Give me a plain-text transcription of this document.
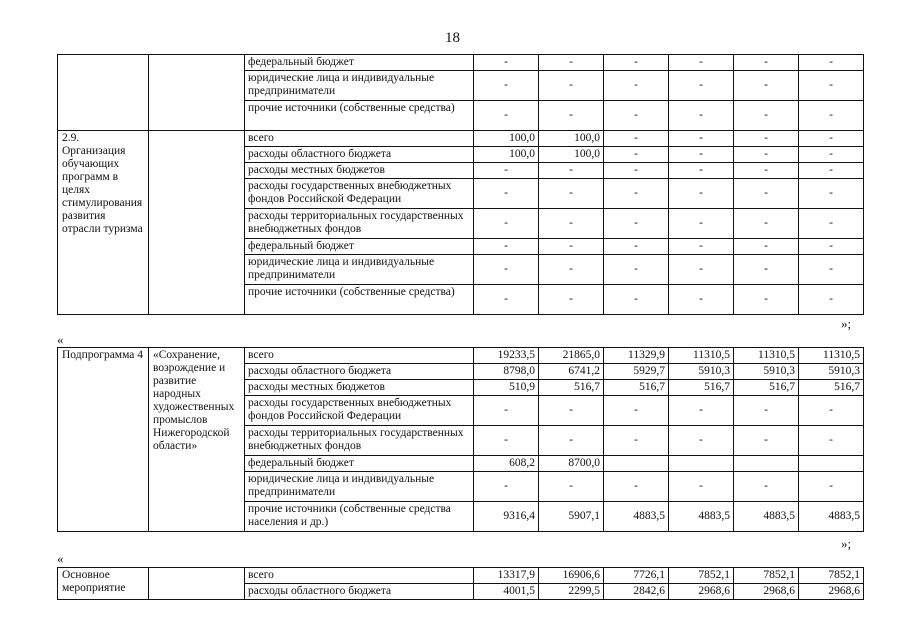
18
		федеральный бюджет	-	-	-	-	-	-
		юридические лица и индивидуальные предприниматели	-	-	-	-	-	-
		прочие источники (собственные средства)	-	-	-	-	-	-
2.9. Организация обучающих программ в целях стимулирования развития отрасли туризма		всего	100,0	100,0	-	-	-	-
		расходы областного бюджета	100,0	100,0	-	-	-	-
		расходы местных бюджетов	-	-	-	-	-	-
		расходы государственных внебюджетных фондов Российской Федерации	-	-	-	-	-	-
		расходы территориальных государственных внебюджетных фондов	-	-	-	-	-	-
		федеральный бюджет	-	-	-	-	-	-
		юридические лица и индивидуальные предприниматели	-	-	-	-	-	-
		прочие источники (собственные средства)	-	-	-	-	-	-
»;
«
Подпрограмма 4	«Сохранение, возрождение и развитие народных художественных промыслов Нижегородской области»	всего	19233,5	21865,0	11329,9	11310,5	11310,5	11310,5
		расходы областного бюджета	8798,0	6741,2	5929,7	5910,3	5910,3	5910,3
		расходы местных бюджетов	510,9	516,7	516,7	516,7	516,7	516,7
		расходы государственных внебюджетных фондов Российской Федерации	-	-	-	-	-	-
		расходы территориальных государственных внебюджетных фондов	-	-	-	-	-	-
		федеральный бюджет	608,2	8700,0				
		юридические лица и индивидуальные предприниматели	-	-	-	-	-	-
		прочие источники (собственные средства населения и др.)	9316,4	5907,1	4883,5	4883,5	4883,5	4883,5
»;
«
Основное мероприятие		всего	13317,9	16906,6	7726,1	7852,1	7852,1	7852,1
		расходы областного бюджета	4001,5	2299,5	2842,6	2968,6	2968,6	2968,6
